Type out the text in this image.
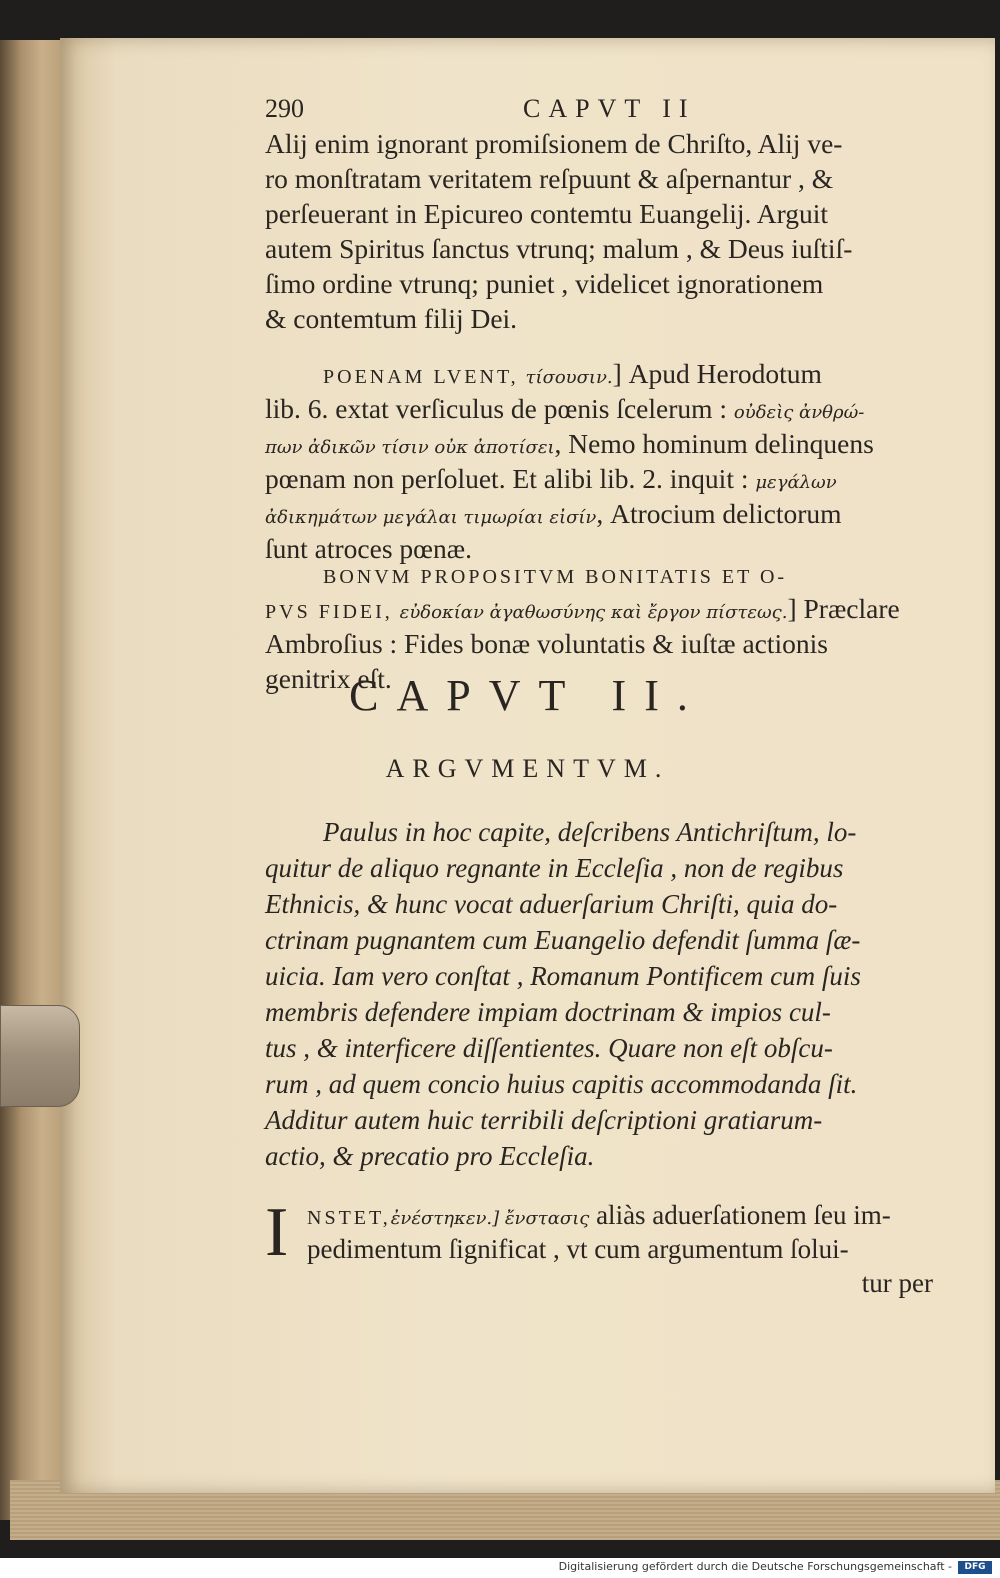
290	CAPVT II
Alij enim ignorant promiſsionem de Chriſto, Alij ve-
ro monſtratam veritatem reſpuunt & aſpernantur , &
perſeuerant in Epicureo contemtu Euangelij. Arguit
autem Spiritus ſanctus vtrunq; malum , & Deus iuſtiſ-
ſimo ordine vtrunq; puniet , videlicet ignorationem
& contemtum filij Dei.
POENAM LVENT, τίσουσιν.] Apud Herodotum
lib. 6. extat verſiculus de pœnis ſcelerum : οὐδεὶς ἀνθρώ-
πων ἀδικῶν τίσιν οὐκ ἀποτίσει, Nemo hominum delinquens
pœnam non perſoluet. Et alibi lib. 2. inquit : μεγάλων
ἀδικημάτων μεγάλαι τιμωρίαι εἰσίν, Atrocium delictorum
ſunt atroces pœnæ.
BONVM PROPOSITVM BONITATIS ET O-
PVS FIDEI, εὐδοκίαν ἀγαθωσύνης καὶ ἔργον πίστεως.] Præclare
Ambroſius : Fides bonæ voluntatis & iuſtæ actionis
genitrix eſt.
CAPVT II.
ARGVMENTVM.
Paulus in hoc capite, deſcribens Antichriſtum, lo-
quitur de aliquo regnante in Eccleſia , non de regibus
Ethnicis, & hunc vocat aduerſarium Chriſti, quia do-
ctrinam pugnantem cum Euangelio defendit ſumma ſæ-
uicia. Iam vero conſtat , Romanum Pontificem cum ſuis
membris defendere impiam doctrinam & impios cul-
tus , & interficere diſſentientes. Quare non eſt obſcu-
rum , ad quem concio huius capitis accommodanda ſit.
Additur autem huic terribili deſcriptioni gratiarum-
actio, & precatio pro Eccleſia.
I NSTET,ἐνέστηκεν.] ἔνστασις aliàs aduerſationem ſeu im-
pedimentum ſignificat , vt cum argumentum ſolui-
tur per
Digitalisierung gefördert durch die Deutsche Forschungsgemeinschaft -	DFG
